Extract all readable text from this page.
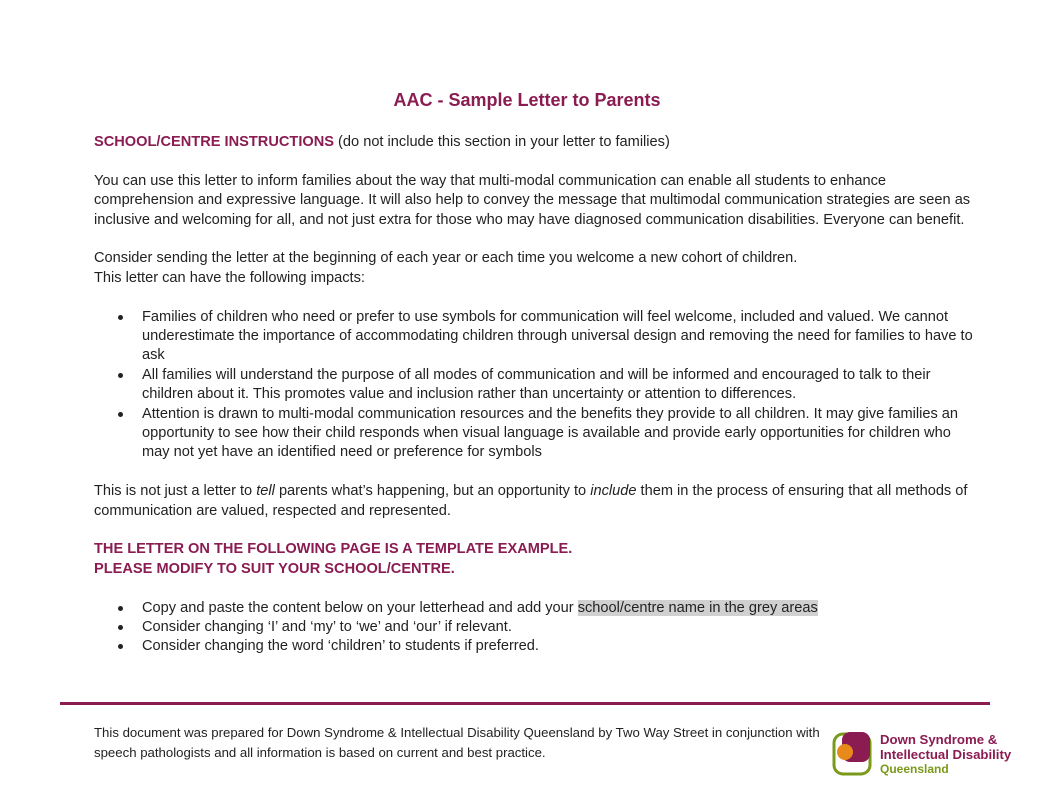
AAC - Sample Letter to Parents

SCHOOL/CENTRE INSTRUCTIONS (do not include this section in your letter to families)

You can use this letter to inform families about the way that multi-modal communication can enable all students to enhance comprehension and expressive language. It will also help to convey the message that multimodal communication strategies are seen as inclusive and welcoming for all, and not just extra for those who may have diagnosed communication disabilities. Everyone can benefit.

Consider sending the letter at the beginning of each year or each time you welcome a new cohort of children.

This letter can have the following impacts:

Families of children who need or prefer to use symbols for communication will feel welcome, included and valued. We cannot underestimate the importance of accommodating children through universal design and removing the need for families to have to ask
All families will understand the purpose of all modes of communication and will be informed and encouraged to talk to their children about it. This promotes value and inclusion rather than uncertainty or attention to differences.
Attention is drawn to multi-modal communication resources and the benefits they provide to all children. It may give families an opportunity to see how their child responds when visual language is available and provide early opportunities for children who may not yet have an identified need or preference for symbols

This is not just a letter to tell parents what’s happening, but an opportunity to include them in the process of ensuring that all methods of communication are valued, respected and represented.

THE LETTER ON THE FOLLOWING PAGE IS A TEMPLATE EXAMPLE.

PLEASE MODIFY TO SUIT YOUR SCHOOL/CENTRE.

Copy and paste the content below on your letterhead and add your school/centre name in the grey areas
Consider changing ‘I’ and ‘my’ to ‘we’ and ‘our’ if relevant.
Consider changing the word ‘children’ to students if preferred.
This document was prepared for Down Syndrome & Intellectual Disability Queensland by Two Way Street in conjunction with speech pathologists and all information is based on current and best practice.
Down Syndrome &
Intellectual Disability
Queensland
